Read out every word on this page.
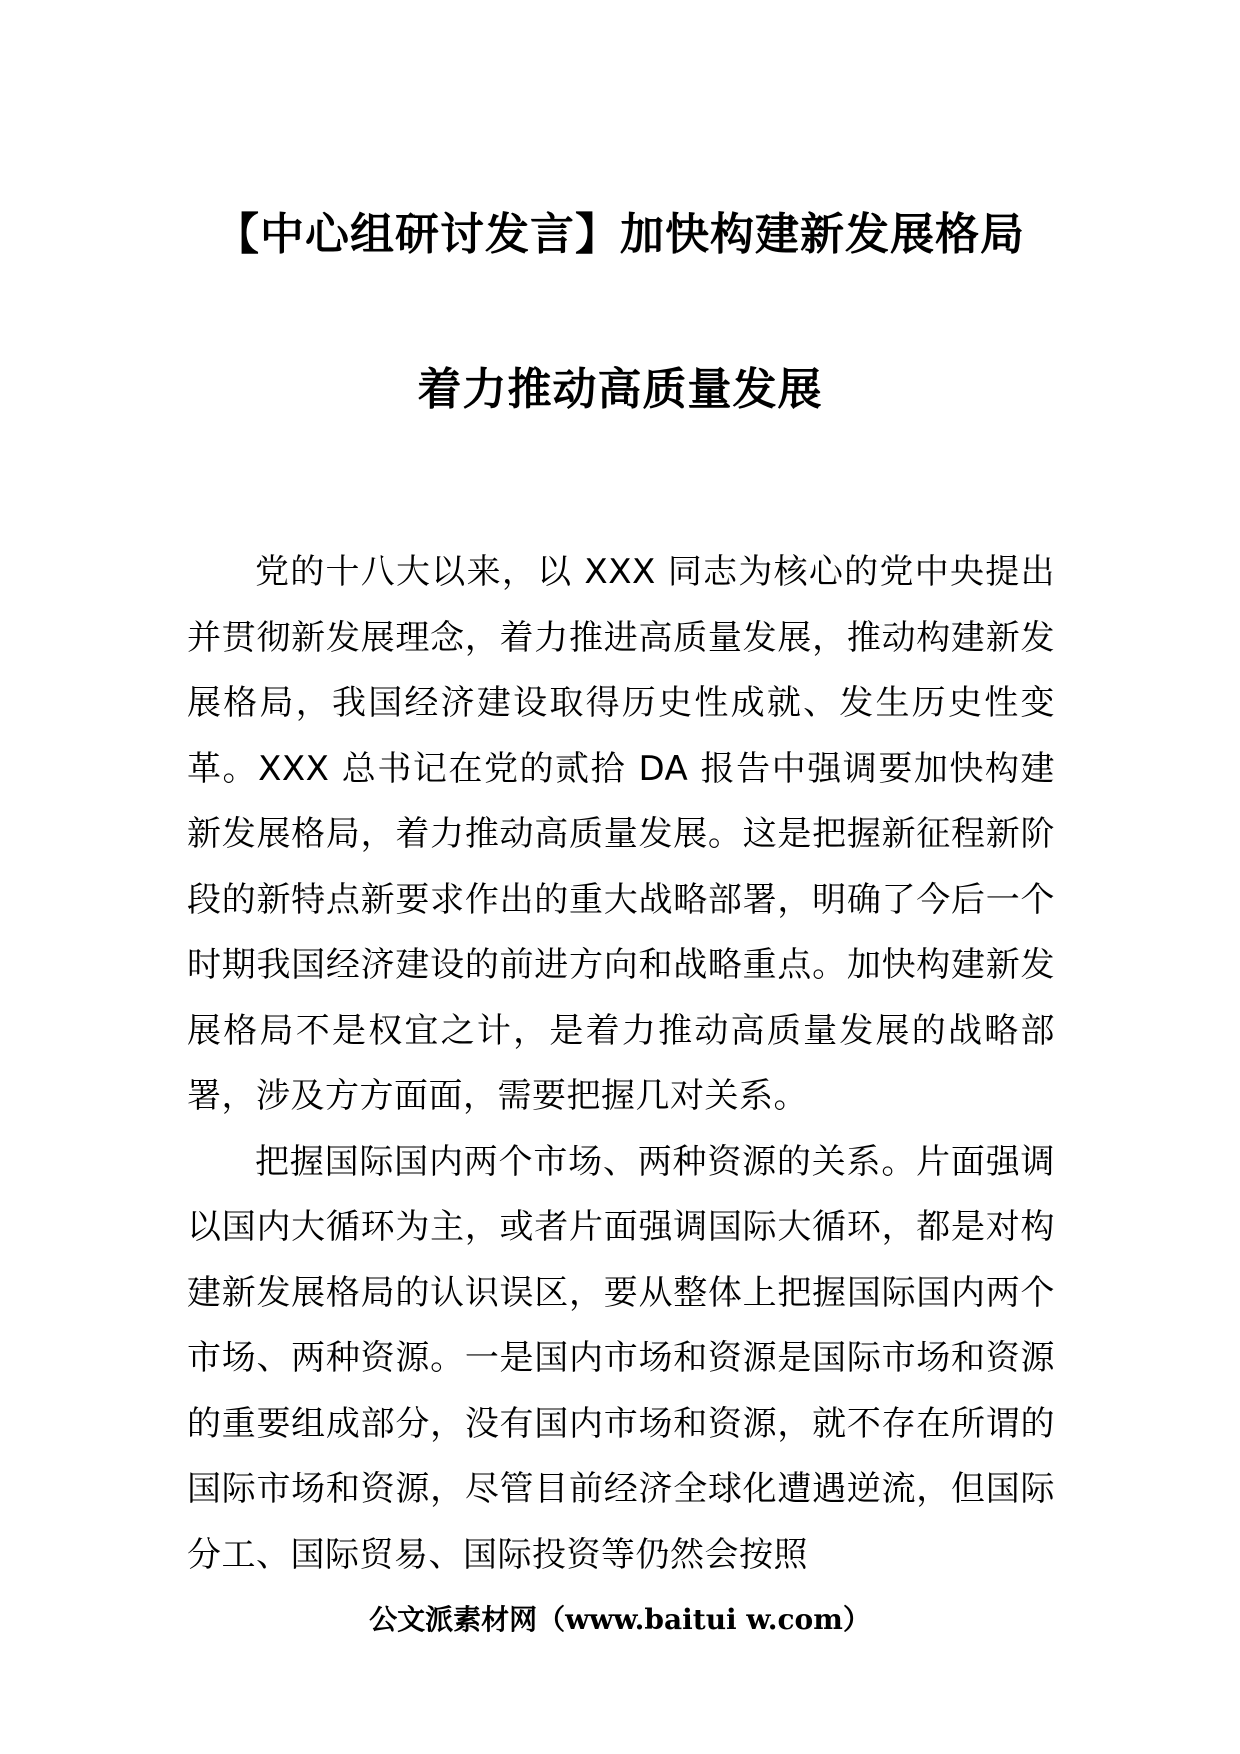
【中心组研讨发言】加快构建新发展格局
着力推动高质量发展

党的十八大以来，以 XXX 同志为核心的党中央提出并贯彻新发展理念，着力推进高质量发展，推动构建新发展格局，我国经济建设取得历史性成就、发生历史性变革。XXX 总书记在党的贰拾 DA 报告中强调要加快构建新发展格局，着力推动高质量发展。这是把握新征程新阶段的新特点新要求作出的重大战略部署，明确了今后一个时期我国经济建设的前进方向和战略重点。加快构建新发展格局不是权宜之计，是着力推动高质量发展的战略部署，涉及方方面面，需要把握几对关系。

把握国际国内两个市场、两种资源的关系。片面强调以国内大循环为主，或者片面强调国际大循环，都是对构建新发展格局的认识误区，要从整体上把握国际国内两个市场、两种资源。一是国内市场和资源是国际市场和资源的重要组成部分，没有国内市场和资源，就不存在所谓的国际市场和资源，尽管目前经济全球化遭遇逆流，但国际分工、国际贸易、国际投资等仍然会按照

公文派素材网（www.baitui w.com）
